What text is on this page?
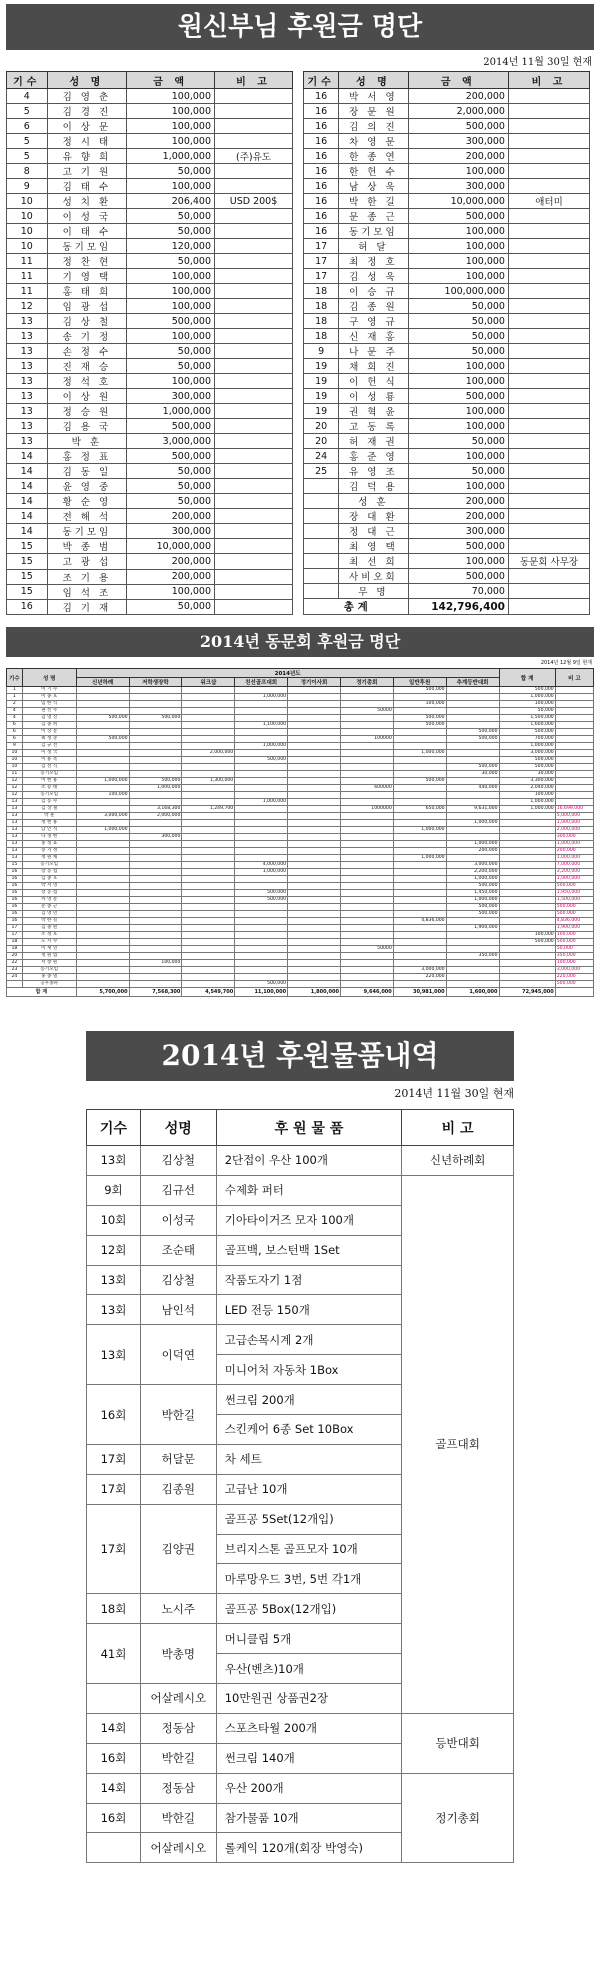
원신부님 후원금 명단
2014년 11월 30일 현재
기수	성 명	금 액	비 고
4	김 영 춘	100,000	
5	김 경 진	100,000	
6	이 상 문	100,000	
5	정 시 태	100,000	
5	유 향 희	1,000,000	(주)유도
8	고 기 원	50,000	
9	김 태 수	100,000	
10	성 치 환	206,400	USD 200$
10	이 성 국	50,000	
10	이 태 수	50,000	
10	동기모임	120,000	
11	정 찬 현	50,000	
11	기 영 택	100,000	
11	홍 태 희	100,000	
12	임 광 섭	100,000	
13	김 상 철	500,000	
13	송 기 정	100,000	
13	손 정 수	50,000	
13	진 재 승	50,000	
13	정 석 호	100,000	
13	이 상 원	300,000	
13	정 승 원	1,000,000	
13	김 용 국	500,000	
13	박 훈	3,000,000	
14	홍 정 표	500,000	
14	김 동 일	50,000	
14	윤 영 중	50,000	
14	황 순 영	50,000	
14	전 해 석	200,000	
14	동기모임	300,000	
15	박 종 범	10,000,000	
15	고 광 섭	200,000	
15	조 기 용	200,000	
15	임 석 조	100,000	
16	김 기 재	50,000	
기수	성 명	금 액	비 고
16	박 서 영	200,000	
16	장 문 원	2,000,000	
16	김 의 진	500,000	
16	차 영 문	300,000	
16	한 종 연	200,000	
16	한 헌 수	100,000	
16	남 상 욱	300,000	
16	박 한 길	10,000,000	애터미
16	문 종 근	500,000	
16	동기모임	100,000	
17	허 달	100,000	
17	최 정 호	100,000	
17	김 성 욱	100,000	
18	이 승 규	100,000,000	
18	김 종 원	50,000	
18	구 영 규	50,000	
18	신 재 홍	50,000	
9	나 문 주	50,000	
19	채 희 진	100,000	
19	이 헌 식	100,000	
19	이 성 룡	500,000	
19	권 혁 윤	100,000	
20	고 동 록	100,000	
20	허 재 권	50,000	
24	홍 준 영	100,000	
25	유 영 조	50,000	
	김 덕 용	100,000	
	성 훈	200,000	
	장 대 환	200,000	
	정 대 근	300,000	
	최 영 택	500,000	
	최 선 희	100,000	동문회 사무장
	사비오회	500,000	
	무 명	70,000	
총 계		142,796,400	
2014년 동문회 후원금 명단
2014년 12월 9일 현재
기수	성 명	2014년도								합 계	비 고
		신년하례	저학생장학	워크샵	친선골프대회	정기이사회	정기총회	일반후원	추계등반대회		
1	이 기 수							500,000		500,000	
1	이 종 호				1,000,000					1,000,000	
2	임 한 식							100,000		100,000	
4	권 선 주						50000			50,000	
4	김 영 진	500,000	500,000					500,000		1,500,000	
6	김 종 희				1,100,000			500,000		1,600,000	
6	이 상 문								500,000	500,000	
6	최 성 준	500,000					100000		500,000	700,000	
9	김 규 선				1,000,000					1,000,000	
10	이 성 국			2,000,000				1,000,000		3,000,000	
10	이 용 복				500,000					500,000	
10	김 선 식								500,000	500,000	
11	동기모임								30,000	30,000	
12	이 현 용	1,000,000	500,000	1,300,000				500,000		3,300,000	
12	조 승 태		1,000,000				600000		440,000	2,040,000	
12	동기모임	100,000								100,000	
13	김 동 수				1,000,000					1,000,000	
13	김 상 철		3,168,300	1,249,700			1000000	650,000	9,631,000	1,000,000	16,699,000
13	박 훈	3,000,000	2,000,000								5,000,000
13	정 현 용								1,000,000		1,000,000
13	남 인 석	1,000,000						1,000,000			2,000,000
13	나 경 현		300,000								300,000
13	홍 성 표								1,000,000		1,000,000
13	송 기 정								200,000		200,000
13	정 원 채							1,000,000			1,000,000
15	동기모임				4,000,000				3,000,000		7,000,000
16	장 동 섭				1,000,000				2,200,000		3,200,000
16	김 종 호								1,000,000		1,000,000
16	박 서 영								500,000		500,000
16	장 동 섭				500,000				1,450,000		1,950,000
16	차 영 문				500,000				1,000,000		1,500,000
16	문 종 근								500,000		500,000
16	김 영 민								500,000		500,000
16	박 한 길							4,836,000			4,836,000
17	김 종 원								1,900,000		1,900,000
17	조 정 호									100,000	100,000
18	노 시 수									500,000	500,000
18	이 재 연						50000				50,000
20	정 원 엽								350,000		350,000
22	서 창 원		100,000								100,000
23	동기모임							3,000,000			3,000,000
24	홍 종 열							220,000			220,000
	공우종파				500,000						500,000
합 계		5,700,000	7,568,300	4,549,700	11,100,000	1,800,000	9,646,000	30,981,000	1,600,000	72,945,000	
2014년 후원물품내역
2014년 11월 30일 현재
기수	성명	후 원 물 품	비 고
13회	김상철	2단접이 우산 100개	신년하례회
9회	김규선	수제화 퍼터	골프대회
10회	이성국	기아타이거즈 모자 100개	
12회	조순태	골프백, 보스턴백 1Set	
13회	김상철	작품도자기 1점	
13회	남인석	LED 전등 150개	
13회	이덕연	고급손목시계 2개	
		미니어처 자동차 1Box	
16회	박한길	썬크림 200개	
		스킨케어 6종 Set 10Box	
17회	허달문	차 세트	
17회	김종원	고급난 10개	
17회	김양권	골프공 5Set(12개입)	
		브리지스톤 골프모자 10개	
		마루망우드 3번, 5번 각1개	
18회	노시주	골프공 5Box(12개입)	
41회	박총명	머니클립 5개	
		우산(벤츠)10개	
	어살레시오	10만원권 상품권2장	
14회	정동삼	스포츠타월 200개	등반대회
16회	박한길	썬크림 140개	
14회	정동삼	우산 200개	정기총회
16회	박한길	참가물품 10개	
	어살레시오	롤케익 120개(회장 박영숙)	
